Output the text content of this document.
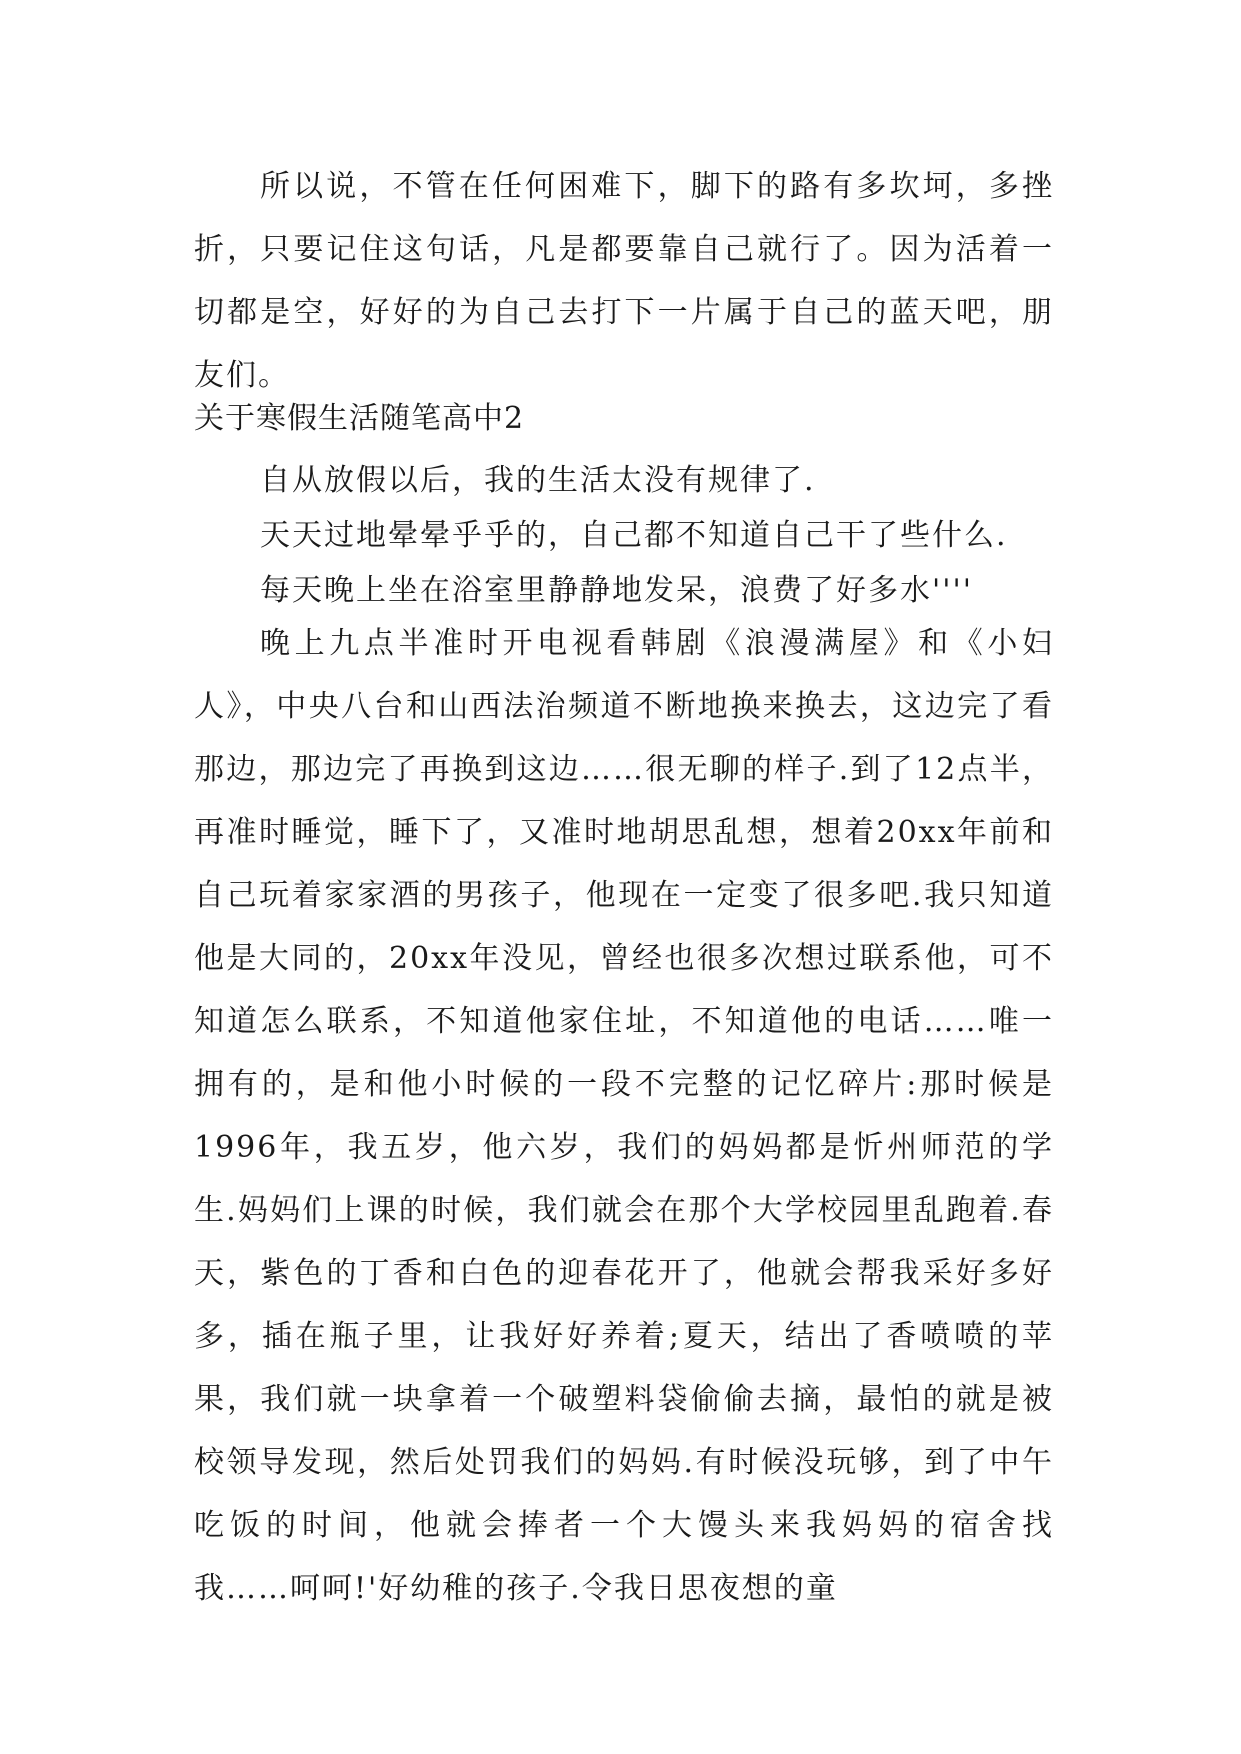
所以说，不管在任何困难下，脚下的路有多坎坷，多挫折，只要记住这句话，凡是都要靠自己就行了。因为活着一切都是空，好好的为自己去打下一片属于自己的蓝天吧，朋友们。

关于寒假生活随笔高中2
自从放假以后，我的生活太没有规律了.
天天过地晕晕乎乎的，自己都不知道自己干了些什么.
每天晚上坐在浴室里静静地发呆，浪费了好多水''''

晚上九点半准时开电视看韩剧《浪漫满屋》和《小妇人》，中央八台和山西法治频道不断地换来换去，这边完了看那边，那边完了再换到这边……很无聊的样子.到了12点半，再准时睡觉，睡下了，又准时地胡思乱想，想着20xx年前和自己玩着家家酒的男孩子，他现在一定变了很多吧.我只知道他是大同的，20xx年没见，曾经也很多次想过联系他，可不知道怎么联系，不知道他家住址，不知道他的电话……唯一拥有的，是和他小时候的一段不完整的记忆碎片:那时候是1996年，我五岁，他六岁，我们的妈妈都是忻州师范的学生.妈妈们上课的时候，我们就会在那个大学校园里乱跑着.春天，紫色的丁香和白色的迎春花开了，他就会帮我采好多好多，插在瓶子里，让我好好养着;夏天，结出了香喷喷的苹果，我们就一块拿着一个破塑料袋偷偷去摘，最怕的就是被校领导发现，然后处罚我们的妈妈.有时候没玩够，到了中午吃饭的时间，他就会捧者一个大馒头来我妈妈的宿舍找我……呵呵!'好幼稚的孩子.令我日思夜想的童
